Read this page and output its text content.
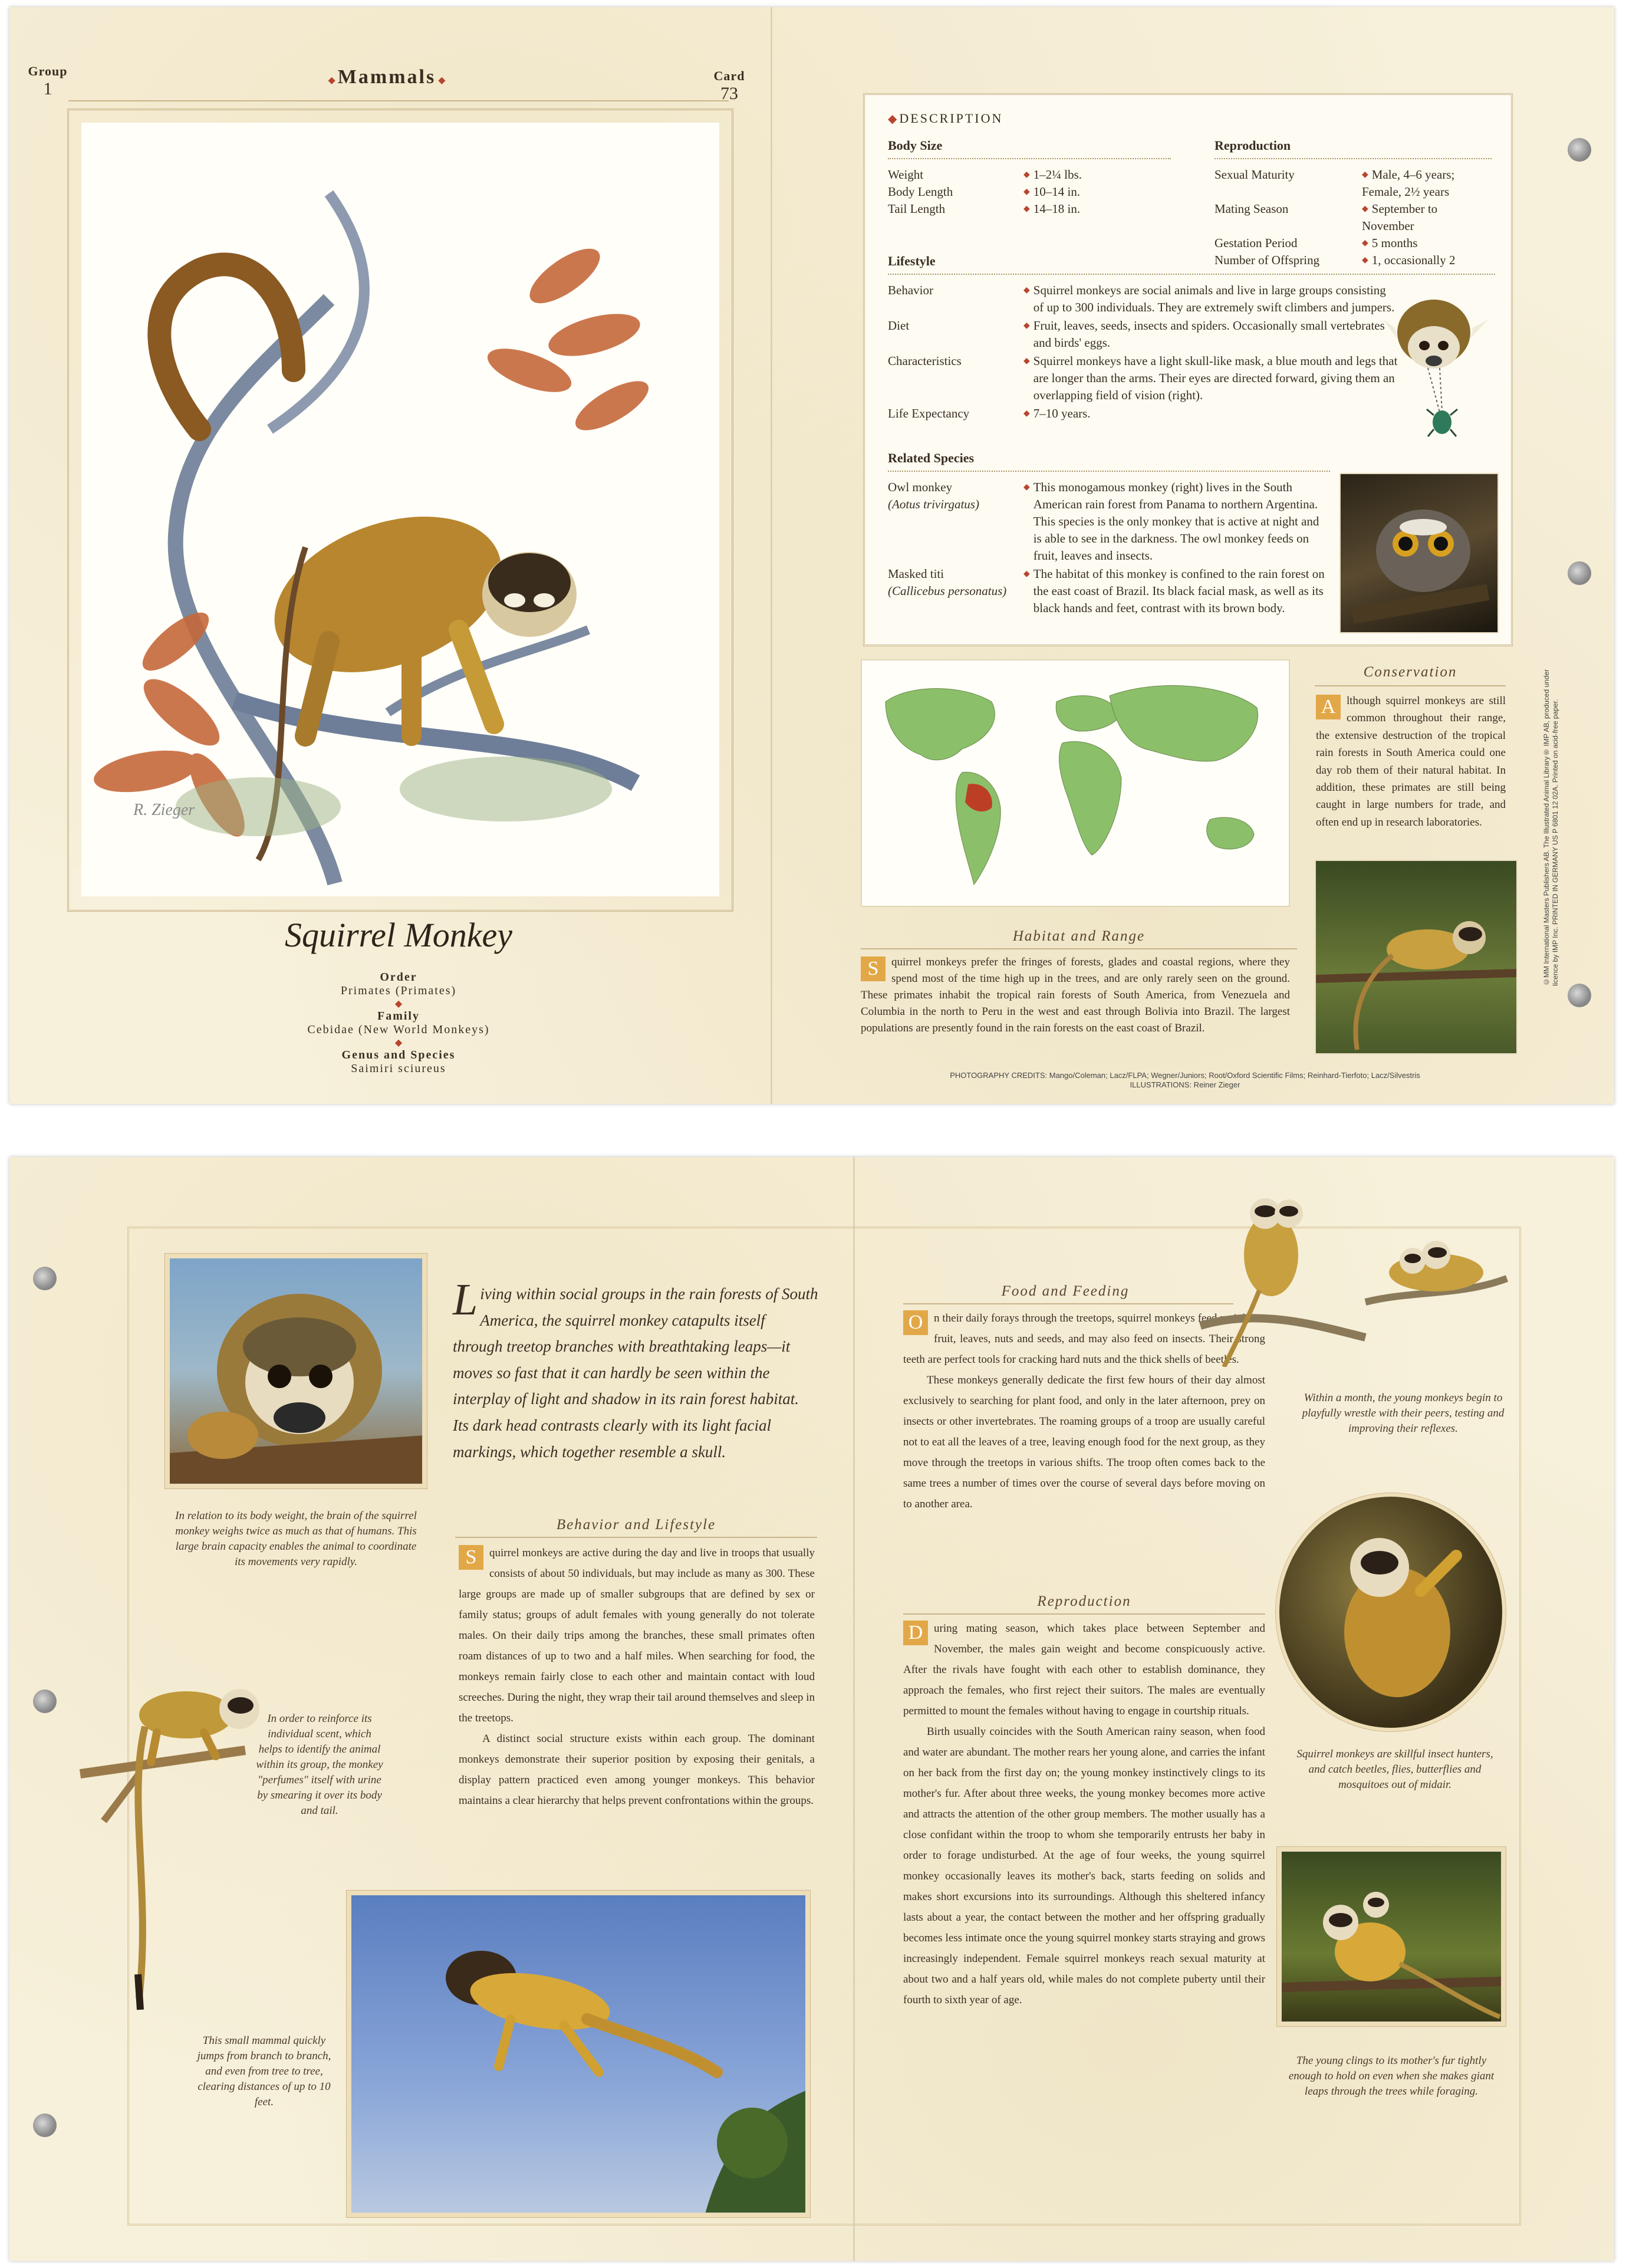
Group
1	◆ Mammals ◆	Card
73
R. Zieger
Squirrel Monkey
Order
Primates (Primates)
◆
Family
Cebidae (New World Monkeys)
◆
Genus and Species
Saimiri sciureus
◆ DESCRIPTION
Body Size
Weight	◆ 1–2¼ lbs.
Body Length	◆ 10–14 in.
Tail Length	◆ 14–18 in.
Reproduction
Sexual Maturity	◆ Male, 4–6 years;
Female, 2½ years
Mating Season	◆ September to
November
Gestation Period	◆ 5 months
Number of Offspring	◆ 1, occasionally 2
Lifestyle
Behavior	◆ Squirrel monkeys are social animals and live in large groups consisting of up to 300 individuals. They are extremely swift climbers and jumpers.
Diet	◆ Fruit, leaves, seeds, insects and spiders. Occasionally small vertebrates and birds' eggs.
Characteristics	◆ Squirrel monkeys have a light skull-like mask, a blue mouth and legs that are longer than the arms. Their eyes are directed forward, giving them an overlapping field of vision (right).
Life Expectancy	◆ 7–10 years.
Related Species
Owl monkey
(Aotus trivirgatus)
◆ This monogamous monkey (right) lives in the South American rain forest from Panama to northern Argentina. This species is the only monkey that is active at night and is able to see in the darkness. The owl monkey feeds on fruit, leaves and insects.
Masked titi
(Callicebus personatus)
◆ The habitat of this monkey is confined to the rain forest on the east coast of Brazil. Its black facial mask, as well as its black hands and feet, contrast with its brown body.
Conservation
A lthough squirrel monkeys are still common throughout their range, the extensive destruction of the tropical rain forests in South America could one day rob them of their natural habitat. In addition, these primates are still being caught in large numbers for trade, and often end up in research laboratories.
Habitat and Range
S	quirrel monkeys prefer the fringes of forests, glades and coastal regions, where they spend most of the time high up in the trees, and are only rarely seen on the ground. These primates inhabit the tropical rain forests of South America, from Venezuela and Columbia in the north to Peru in the west and east through Bolivia into Brazil. The largest populations are presently found in the rain forests on the east coast of Brazil.
PHOTOGRAPHY CREDITS: Mango/Coleman; Lacz/FLPA; Wegner/Juniors; Root/Oxford Scientific Films; Reinhard-Tierfoto; Lacz/Silvestris
ILLUSTRATIONS: Reiner Zieger
©MM International Masters Publishers AB. The Illustrated Animal Library® IMP AB, produced under licence by IMP Inc. PRINTED IN GERMANY US P 6801 12 02A. Printed on acid-free paper.
In relation to its body weight, the brain of the squirrel monkey weighs twice as much as that of humans. This large brain capacity enables the animal to coordinate its movements very rapidly.
Living within social groups in the rain forests of South America, the squirrel monkey catapults itself through treetop branches with breathtaking leaps—it moves so fast that it can hardly be seen within the interplay of light and shadow in its rain forest habitat. Its dark head contrasts clearly with its light facial markings, which together resemble a skull.
Behavior and Lifestyle
S	quirrel monkeys are active during the day and live in troops that usually consists of about 50 individuals, but may include as many as 300. These large groups are made up of smaller subgroups that are defined by sex or family status; groups of adult females with young generally do not tolerate males. On their daily trips among the branches, these small primates often roam distances of up to two and a half miles. When searching for food, the monkeys remain fairly close to each other and maintain contact with loud screeches. During the night, they wrap their tail around themselves and sleep in the treetops.
A distinct social structure exists within each group. The dominant monkeys demonstrate their superior position by exposing their genitals, a display pattern practiced even among younger monkeys. This behavior maintains a clear hierarchy that helps prevent confrontations within the groups.
In order to reinforce its individual scent, which helps to identify the animal within its group, the monkey "perfumes" itself with urine by smearing it over its body and tail.
This small mammal quickly jumps from branch to branch, and even from tree to tree, clearing distances of up to 10 feet.
Food and Feeding
O n their daily forays through the treetops, squirrel monkeys feed mainly on fruit, leaves, nuts and seeds, and may also feed on insects. Their strong teeth are perfect tools for cracking hard nuts and the thick shells of beetles.
These monkeys generally dedicate the first few hours of their day almost exclusively to searching for plant food, and only in the later afternoon, prey on insects or other invertebrates. The roaming groups of a troop are usually careful not to eat all the leaves of a tree, leaving enough food for the next group, as they move through the treetops in various shifts. The troop often comes back to the same trees a number of times over the course of several days before moving on to another area.
Reproduction
D uring mating season, which takes place between September and November, the males gain weight and become conspicuously active. After the rivals have fought with each other to establish dominance, they approach the females, who first reject their suitors. The males are eventually permitted to mount the females without having to engage in courtship rituals.
Birth usually coincides with the South American rainy season, when food and water are abundant. The mother rears her young alone, and carries the infant on her back from the first day on; the young monkey instinctively clings to its mother's fur. After about three weeks, the young monkey becomes more active and attracts the attention of the other group members. The mother usually has a close confidant within the troop to whom she temporarily entrusts her baby in order to forage undisturbed. At the age of four weeks, the young squirrel monkey occasionally leaves its mother's back, starts feeding on solids and makes short excursions into its surroundings. Although this sheltered infancy lasts about a year, the contact between the mother and her offspring gradually becomes less intimate once the young squirrel monkey starts straying and grows increasingly independent. Female squirrel monkeys reach sexual maturity at about two and a half years old, while males do not complete puberty until their fourth to sixth year of age.
Within a month, the young monkeys begin to playfully wrestle with their peers, testing and improving their reflexes.
Squirrel monkeys are skillful insect hunters, and catch beetles, flies, butterflies and mosquitoes out of midair.
The young clings to its mother's fur tightly enough to hold on even when she makes giant leaps through the trees while foraging.
